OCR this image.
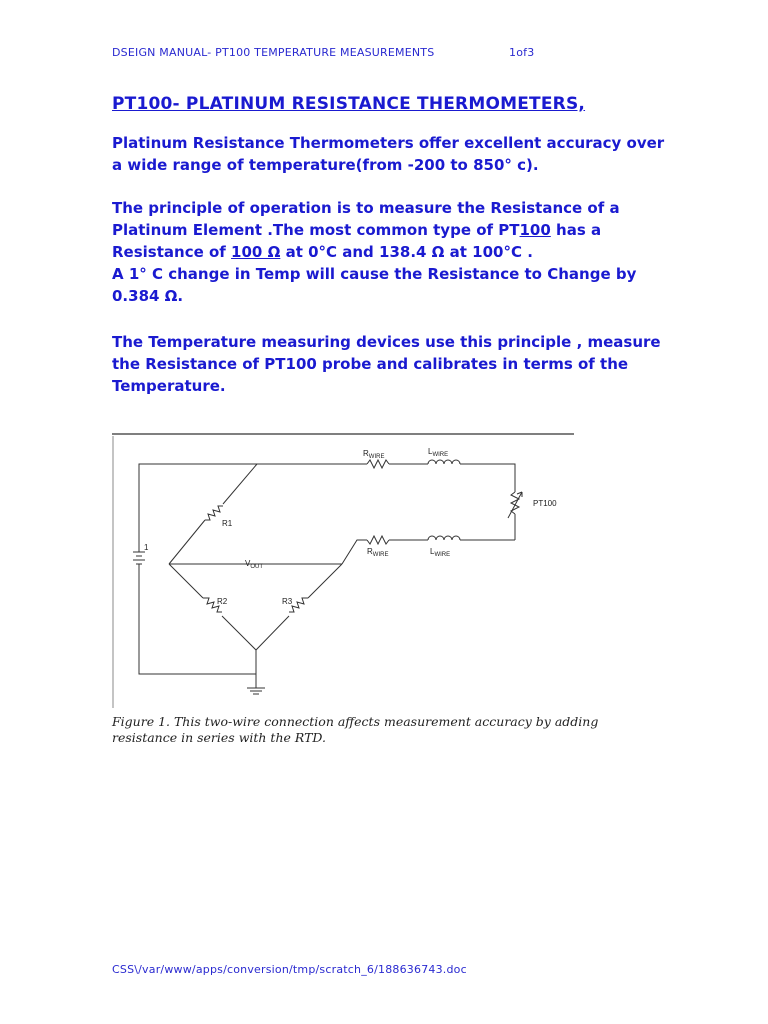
DSEIGN MANUAL- PT100 TEMPERATURE MEASUREMENTS	1of3
PT100- PLATINUM RESISTANCE THERMOMETERS,
Platinum Resistance Thermometers offer excellent accuracy over a wide range of temperature(from -200 to 850° c).
The principle of operation is to measure the Resistance of a Platinum Element .The most common type of PT100 has a Resistance of 100 Ω at 0°C and 138.4 Ω at 100°C .
A 1° C change in Temp will cause the Resistance to Change by 0.384 Ω.
The Temperature measuring devices use this principle , measure the Resistance of PT100 probe and calibrates in terms of the Temperature.
$R_{WIRE}$
$L_{WIRE}$
PT100
R1
1
$V_{OUT}$
$R_{WIRE}$	$L_{WIRE}$
R2	R3
Figure 1. This two-wire connection affects measurement accuracy by adding resistance in series with the RTD.
CSS\/var/www/apps/conversion/tmp/scratch_6/188636743.doc
